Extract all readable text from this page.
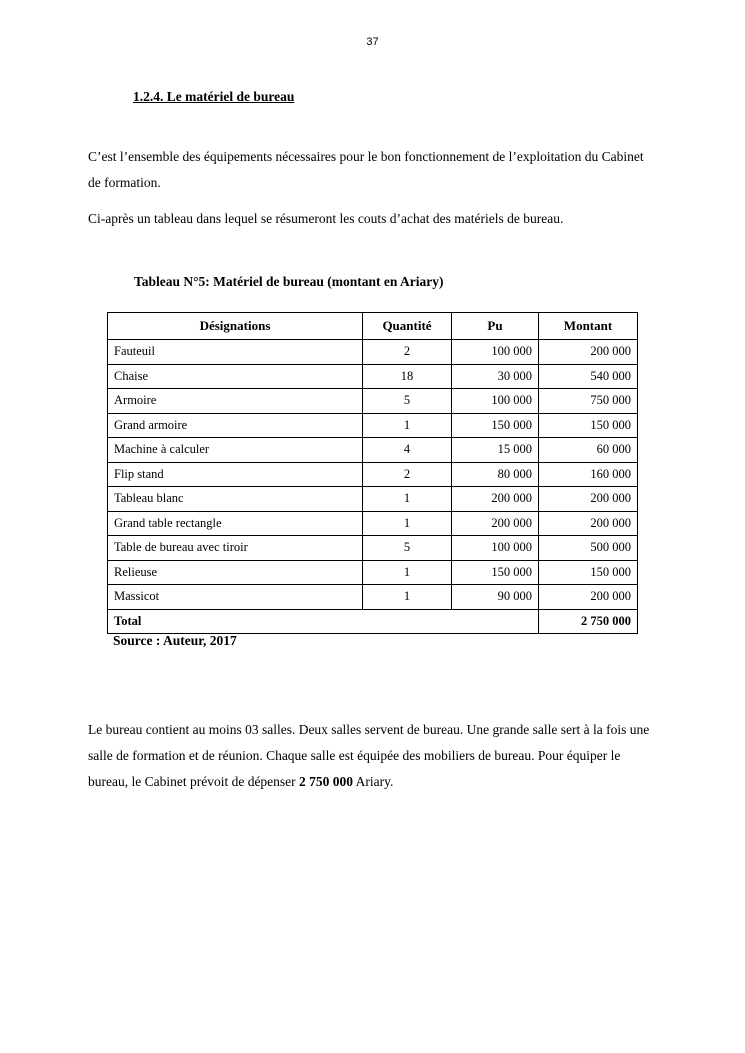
37
1.2.4. Le matériel de bureau
C’est l’ensemble des équipements nécessaires pour le bon fonctionnement de l’exploitation du Cabinet de formation.
Ci-après un tableau dans lequel se résumeront les couts d’achat des matériels de bureau.
Tableau N°5: Matériel de bureau (montant en Ariary)
Désignations	Quantité	Pu	Montant
Fauteuil	2	100 000	200 000
Chaise	18	30 000	540 000
Armoire	5	100 000	750 000
Grand armoire	1	150 000	150 000
Machine à calculer	4	15 000	60 000
Flip stand	2	80 000	160 000
Tableau blanc	1	200 000	200 000
Grand table rectangle	1	200 000	200 000
Table de bureau avec tiroir	5	100 000	500 000
Relieuse	1	150 000	150 000
Massicot	1	90 000	200 000
Total			2 750 000
Source : Auteur, 2017
Le bureau contient au moins 03 salles. Deux salles servent de bureau. Une grande salle sert à la fois une salle de formation et de réunion. Chaque salle est équipée des mobiliers de bureau. Pour équiper le bureau, le Cabinet prévoit de dépenser 2 750 000 Ariary.
